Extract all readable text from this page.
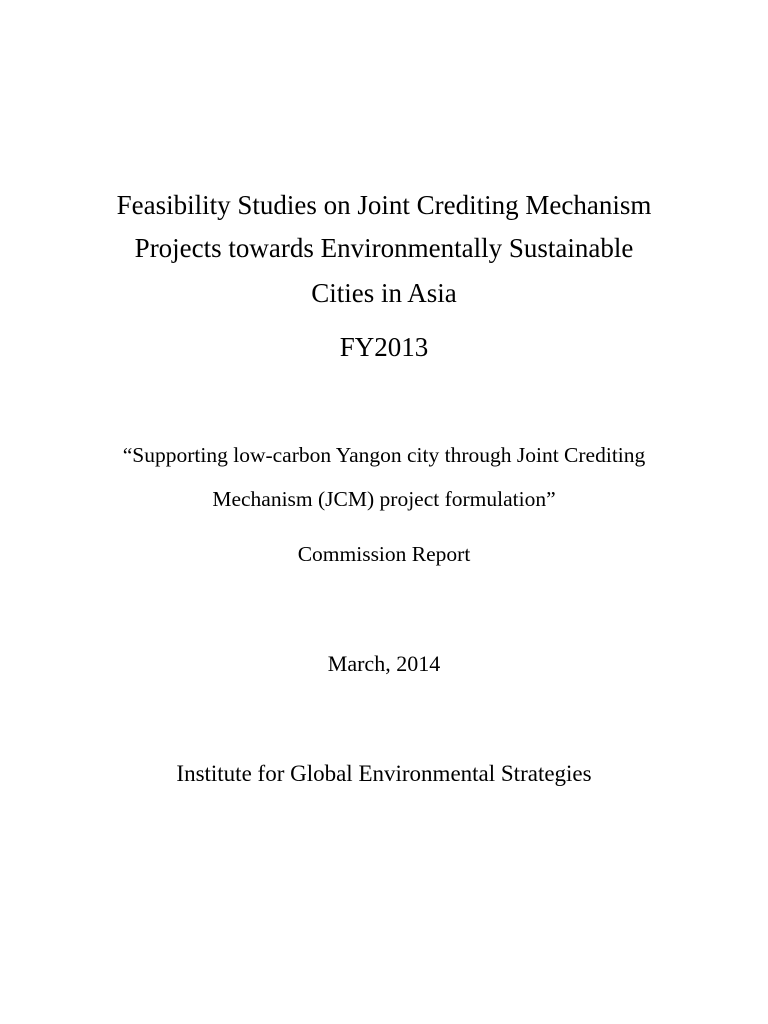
Feasibility Studies on Joint Crediting Mechanism
Projects towards Environmentally Sustainable
Cities in Asia
FY2013
“Supporting low-carbon Yangon city through Joint Crediting
Mechanism (JCM) project formulation”
Commission Report
March, 2014
Institute for Global Environmental Strategies
